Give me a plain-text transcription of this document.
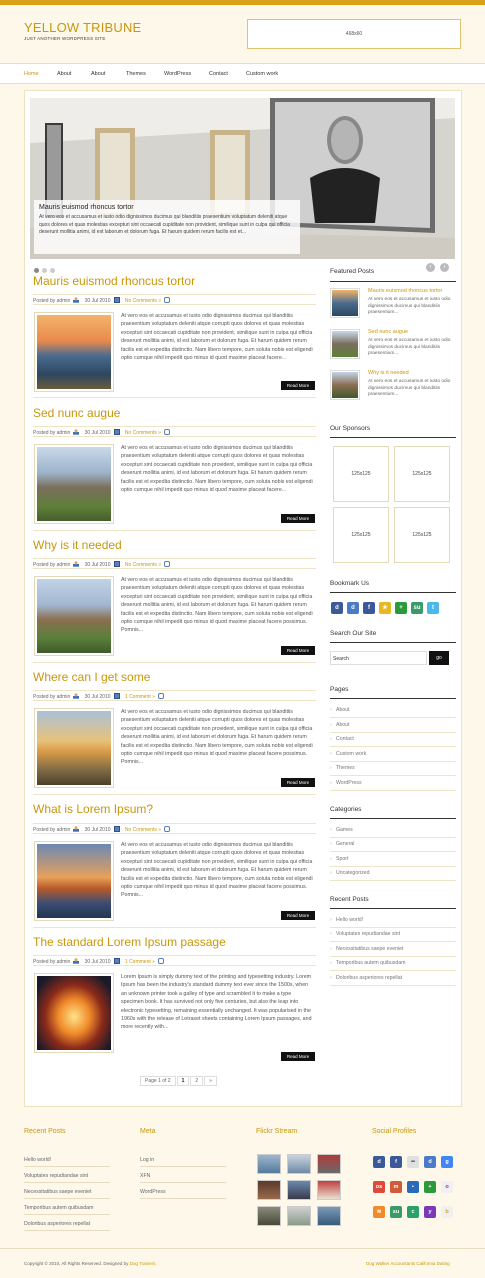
YELLOW TRIBUNE
JUST ANOTHER WORDPRESS SITE
468x60
Home	About	About	Themes	WordPress	Contact	Custom work
Mauris euismod rhoncus tortor
At vero eos et accusamus et iusto odio dignissimos ducimus qui blanditiis praesentium voluptatum deleniti atque quos dolores et quas molestias excepturi sint occaecati cupiditate non provident, similique sunt in culpa qui officia deserunt mollitia animi, id est laborum et dolorum fuga. Et harum quidem rerum facilis est et...
Mauris euismod rhoncus tortor
Posted by admin	30 Jul 2010	No Comments »
At vero eos et accusamus et iusto odio dignissimos ducimus qui blanditiis praesentium voluptatum deleniti atque corrupti quos dolores et quas molestias excepturi sint occaecati cupiditate non provident, similique sunt in culpa qui officia deserunt mollitia animi, id est laborum et dolorum fuga. Et harum quidem rerum facilis est et expedita distinctio. Nam libero tempore, cum soluta nobis est eligendi optio cumque nihil impedit quo minus id quod maxime placeat facere...
Read More
Sed nunc augue
Posted by admin	30 Jul 2010	No Comments »
At vero eos et accusamus et iusto odio dignissimos ducimus qui blanditiis praesentium voluptatum deleniti atque corrupti quos dolores et quas molestias excepturi sint occaecati cupiditate non provident, similique sunt in culpa qui officia deserunt mollitia animi, id est laborum et dolorum fuga. Et harum quidem rerum facilis est et expedita distinctio. Nam libero tempore, cum soluta nobis est eligendi optio cumque nihil impedit quo minus id quod maxime placeat facere...
Read More
Why is it needed
Posted by admin	30 Jul 2010	No Comments »
At vero eos et accusamus et iusto odio dignissimos ducimus qui blanditiis praesentium voluptatum deleniti atque corrupti quos dolores et quas molestias excepturi sint occaecati cupiditate non provident, similique sunt in culpa qui officia deserunt mollitia animi, id est laborum et dolorum fuga. Et harum quidem rerum facilis est et expedita distinctio. Nam libero tempore, cum soluta nobis est eligendi optio cumque nihil impedit quo minus id quod maxime placeat facere possimus. Pomnis...
Read More
Where can I get some
Posted by admin	30 Jul 2010	1 Comment »
At vero eos et accusamus et iusto odio dignissimos ducimus qui blanditiis praesentium voluptatum deleniti atque corrupti quos dolores et quas molestias excepturi sint occaecati cupiditate non provident, similique sunt in culpa qui officia deserunt mollitia animi, id est laborum et dolorum fuga. Et harum quidem rerum facilis est et expedita distinctio. Nam libero tempore, cum soluta nobis est eligendi optio cumque nihil impedit quo minus id quod maxime placeat facere possimus. Pomnis...
Read More
What is Lorem Ipsum?
Posted by admin	30 Jul 2010	No Comments »
At vero eos et accusamus et iusto odio dignissimos ducimus qui blanditiis praesentium voluptatum deleniti atque corrupti quos dolores et quas molestias excepturi sint occaecati cupiditate non provident, similique sunt in culpa qui officia deserunt mollitia animi, id est laborum et dolorum fuga. Et harum quidem rerum facilis est et expedita distinctio. Nam libero tempore, cum soluta nobis est eligendi optio cumque nihil impedit quo minus id quod maxime placeat facere possimus. Pomnis...
Read More
The standard Lorem Ipsum passage
Posted by admin	30 Jul 2010	1 Comment »
Lorem Ipsum is simply dummy text of the printing and typesetting industry. Lorem Ipsum has been the industry's standard dummy text ever since the 1500s, when an unknown printer took a galley of type and scrambled it to make a type specimen book. It has survived not only five centuries, but also the leap into electronic typesetting, remaining essentially unchanged. It was popularised in the 1960s with the release of Letraset sheets containing Lorem Ipsum passages, and more recently with...
Read More
Page 1 of 2 1 2 »
Featured Posts
‹	›
Mauris euismod rhoncus tortor
At vero eos et accusamus et iusto odio dignissimos ducimus qui blanditiis praesentium...
Sed nunc augue
At vero eos et accusamus et iusto odio dignissimos ducimus qui blanditiis praesentium...
Why is it needed
At vero eos et accusamus et iusto odio dignissimos ducimus qui blanditiis praesentium...
Our Sponsors
125x125	125x125
125x125	125x125
Bookmark Us
d	d	f	★	+	su	t
Search Our Site
Search	go
Pages
› About
› About
› Contact
› Custom work
› Themes
› WordPress
Categories
› Games
› General
› Sport
› Uncategorized
Recent Posts
› Hello world!
› Voluptates repudiandae sint
› Necessitatibus saepe eveniet
› Temporibus autem quibusdam
› Doloribus asperiores repellat
Recent Posts
Hello world!
Voluptates repudiandae sint
Necessitatibus saepe eveniet
Temporibus autem quibusdam
Doloribus asperiores repellat
Meta
Log in
XFN
WordPress
Flickr Stream	Social Profiles
d	f	••	d	g
os	m	▪	+	o
≋	su	c	y	b
Copyright © 2010, All Rights Reserved. Designed by Dog Trainers.	Dog Walker Accountants California Dating
